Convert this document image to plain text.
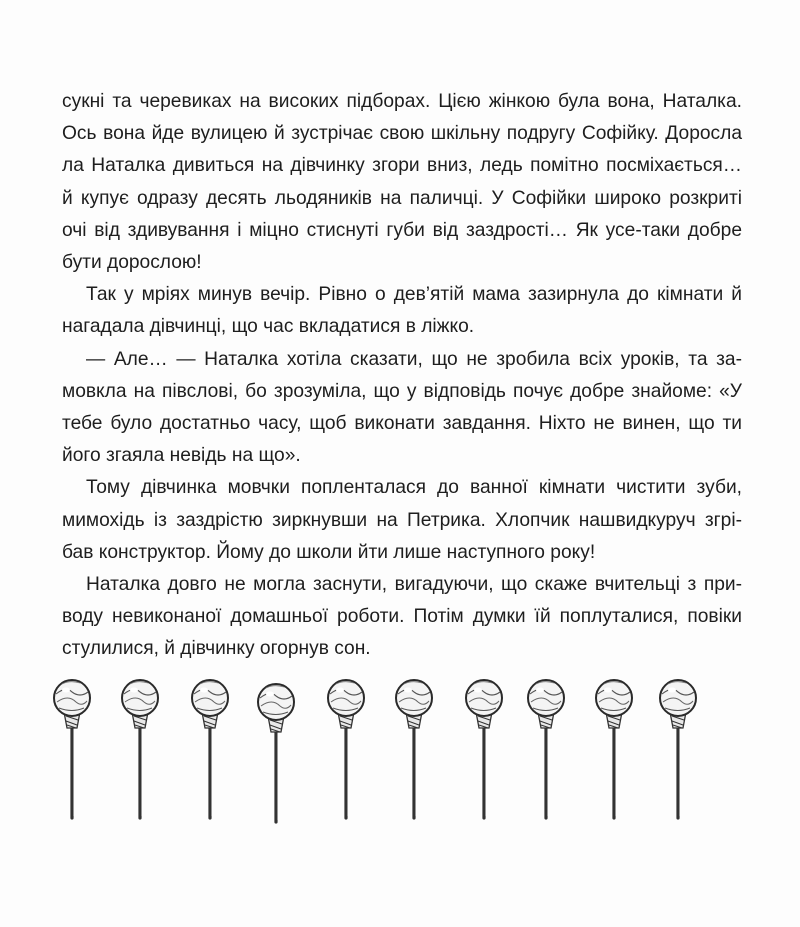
сукні та черевиках на високих підборах. Цією жінкою була вона, Наталка.
Ось вона йде вулицею й зустрічає свою шкільну подругу Софійку. Доросла
ла Наталка дивиться на дівчинку згори вниз, ледь помітно посміхається…
й купує одразу десять льодяників на паличці. У Софійки широко розкриті
очі від здивування і міцно стиснуті губи від заздрості… Як усе-таки добре
бути дорослою!

Так у мріях минув вечір. Рівно о дев’ятій мама зазирнула до кімнати й
нагадала дівчинці, що час вкладатися в ліжко.

— Але… — Наталка хотіла сказати, що не зробила всіх уроків, та за-
мовкла на півслові, бо зрозуміла, що у відповідь почує добре знайоме: «У
тебе було достатньо часу, щоб виконати завдання. Ніхто не винен, що ти
його згаяла невідь на що».

Тому дівчинка мовчки попленталася до ванної кімнати чистити зуби,
мимохідь із заздрістю зиркнувши на Петрика. Хлопчик нашвидкуруч згрі-
бав конструктор. Йому до школи йти лише наступного року!

Наталка довго не могла заснути, вигадуючи, що скаже вчительці з при-
воду невиконаної домашньої роботи. Потім думки їй поплуталися, повіки
стулилися, й дівчинку огорнув сон.
